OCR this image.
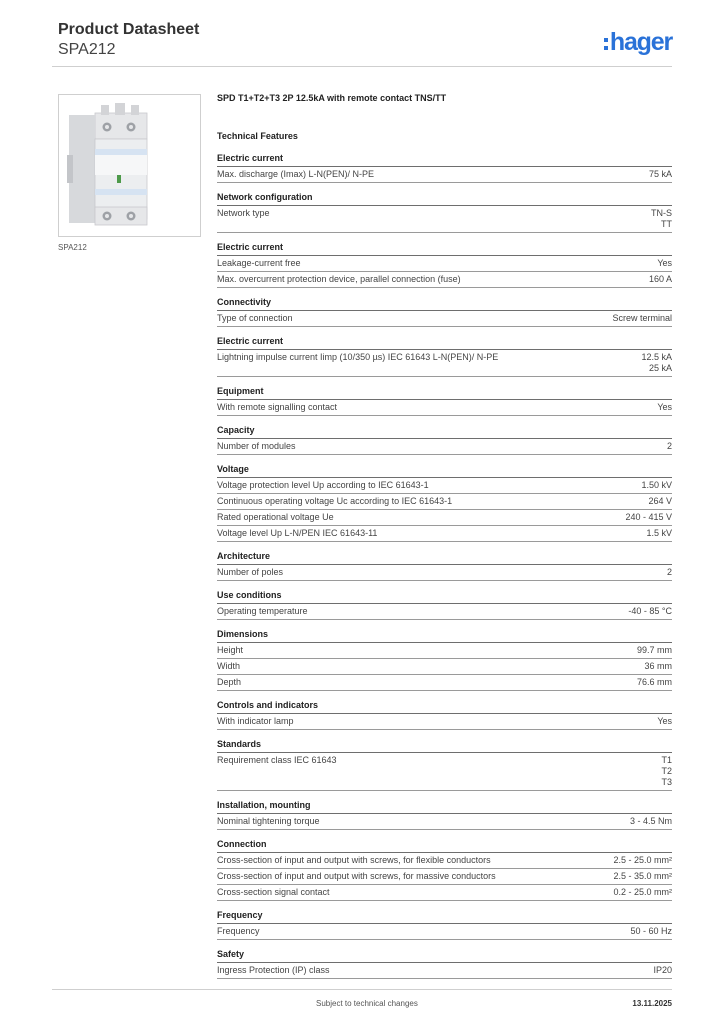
Product Datasheet
SPA212	hager
SPA212
SPD T1+T2+T3 2P 12.5kA with remote contact TNS/TT
Technical Features
Electric current
Max. discharge (Imax) L-N(PEN)/ N-PE	75 kA
Network configuration
Network type	TN-S
TT
Electric current
Leakage-current free	Yes
Max. overcurrent protection device, parallel connection (fuse)	160 A
Connectivity
Type of connection	Screw terminal
Electric current
Lightning impulse current Iimp (10/350 µs) IEC 61643 L-N(PEN)/ N-PE	12.5 kA
25 kA
Equipment
With remote signalling contact	Yes
Capacity
Number of modules	2
Voltage
Voltage protection level Up according to IEC 61643-1	1.50 kV
Continuous operating voltage Uc according to IEC 61643-1	264 V
Rated operational voltage Ue	240 - 415 V
Voltage level Up L-N/PEN IEC 61643-11	1.5 kV
Architecture
Number of poles	2
Use conditions
Operating temperature	-40 - 85 °C
Dimensions
Height	99.7 mm
Width	36 mm
Depth	76.6 mm
Controls and indicators
With indicator lamp	Yes
Standards
Requirement class IEC 61643	T1
T2
T3
Installation, mounting
Nominal tightening torque	3 - 4.5 Nm
Connection
Cross-section of input and output with screws, for flexible conductors	2.5 - 25.0 mm²
Cross-section of input and output with screws, for massive conductors	2.5 - 35.0 mm²
Cross-section signal contact	0.2 - 25.0 mm²
Frequency
Frequency	50 - 60 Hz
Safety
Ingress Protection (IP) class	IP20
Subject to technical changes	13.11.2025
